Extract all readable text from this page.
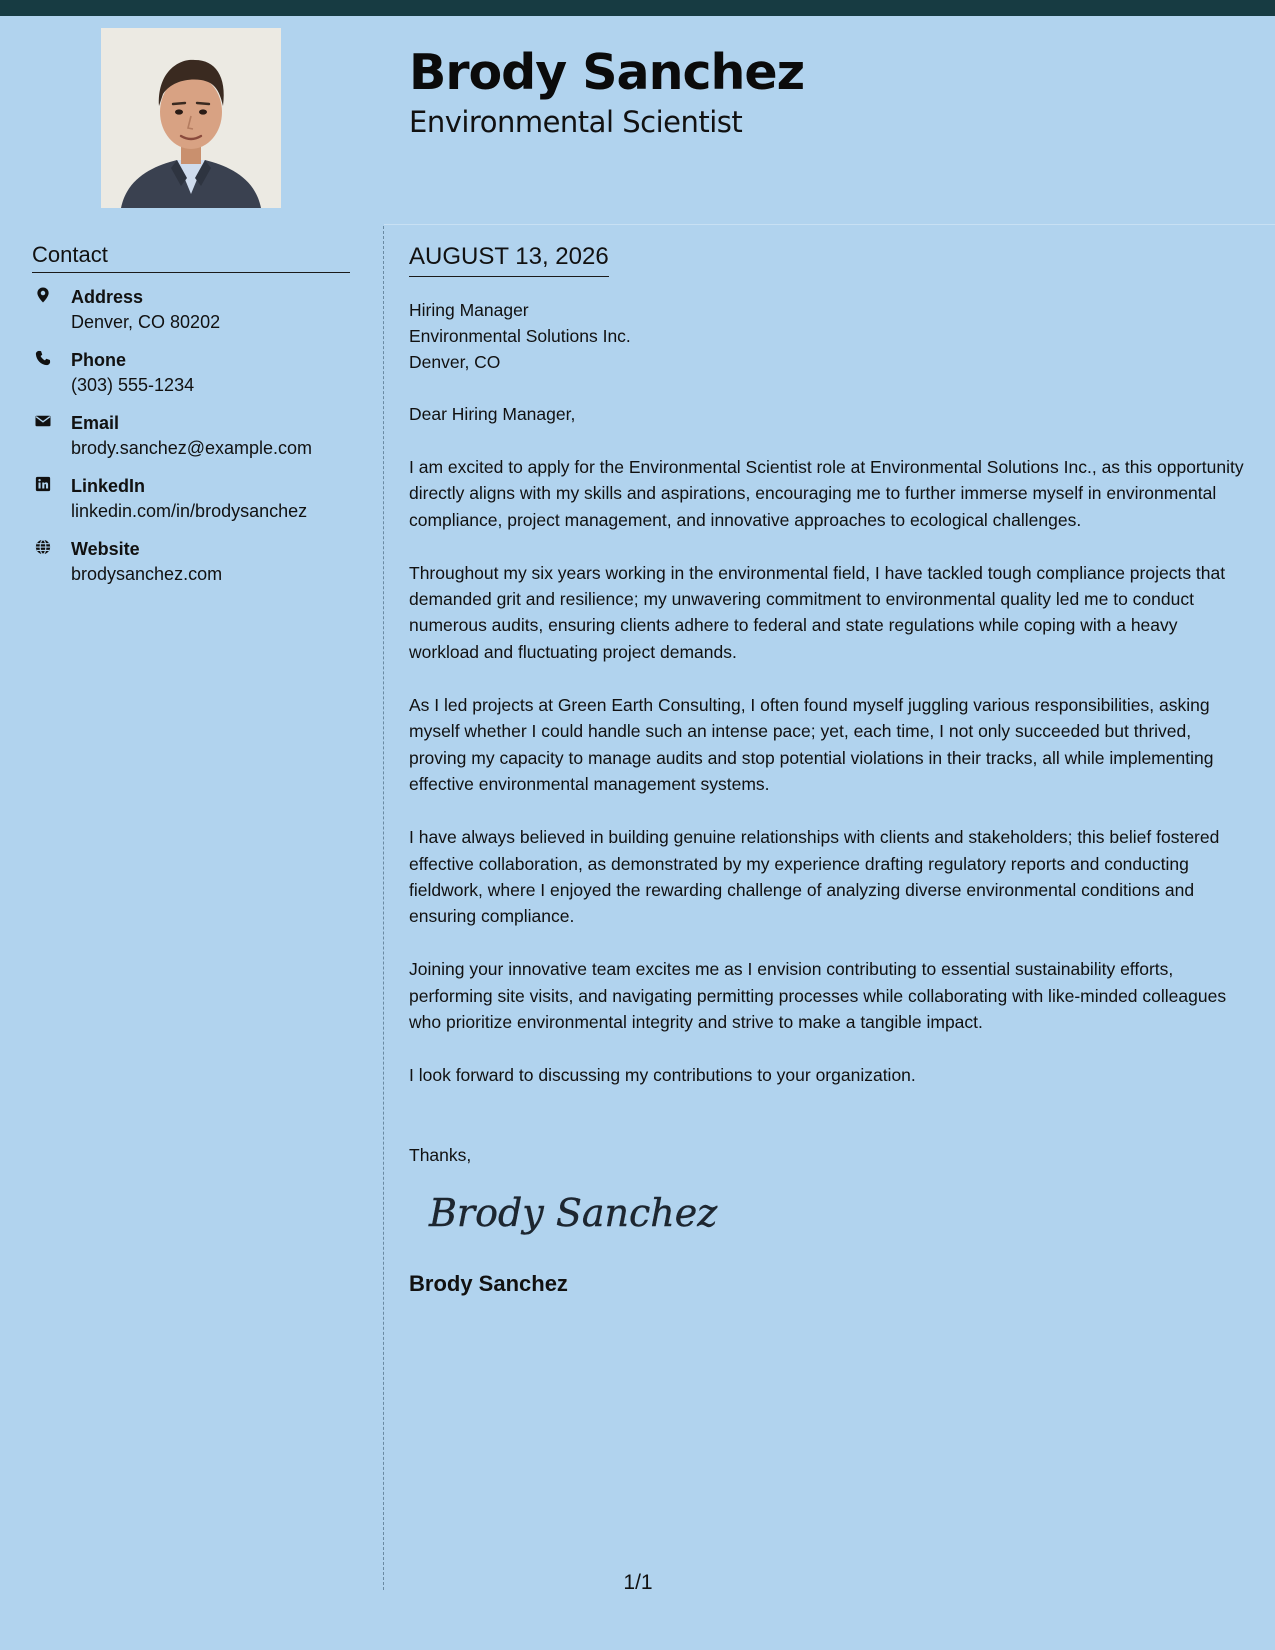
Brody Sanchez
Environmental Scientist
Contact
Address
Denver, CO 80202
Phone
(303) 555-1234
Email
brody.sanchez@example.com
LinkedIn
linkedin.com/in/brodysanchez
Website
brodysanchez.com
AUGUST 13, 2026
Hiring Manager
Environmental Solutions Inc.
Denver, CO
Dear Hiring Manager,

I am excited to apply for the Environmental Scientist role at Environmental Solutions Inc., as this opportunity directly aligns with my skills and aspirations, encouraging me to further immerse myself in environmental compliance, project management, and innovative approaches to ecological challenges.

Throughout my six years working in the environmental field, I have tackled tough compliance projects that demanded grit and resilience; my unwavering commitment to environmental quality led me to conduct numerous audits, ensuring clients adhere to federal and state regulations while coping with a heavy workload and fluctuating project demands.

As I led projects at Green Earth Consulting, I often found myself juggling various responsibilities, asking myself whether I could handle such an intense pace; yet, each time, I not only succeeded but thrived, proving my capacity to manage audits and stop potential violations in their tracks, all while implementing effective environmental management systems.

I have always believed in building genuine relationships with clients and stakeholders; this belief fostered effective collaboration, as demonstrated by my experience drafting regulatory reports and conducting fieldwork, where I enjoyed the rewarding challenge of analyzing diverse environmental conditions and ensuring compliance.

Joining your innovative team excites me as I envision contributing to essential sustainability efforts, performing site visits, and navigating permitting processes while collaborating with like-minded colleagues who prioritize environmental integrity and strive to make a tangible impact.

I look forward to discussing my contributions to your organization.

Thanks,
Brody Sanchez
Brody Sanchez
1/1
